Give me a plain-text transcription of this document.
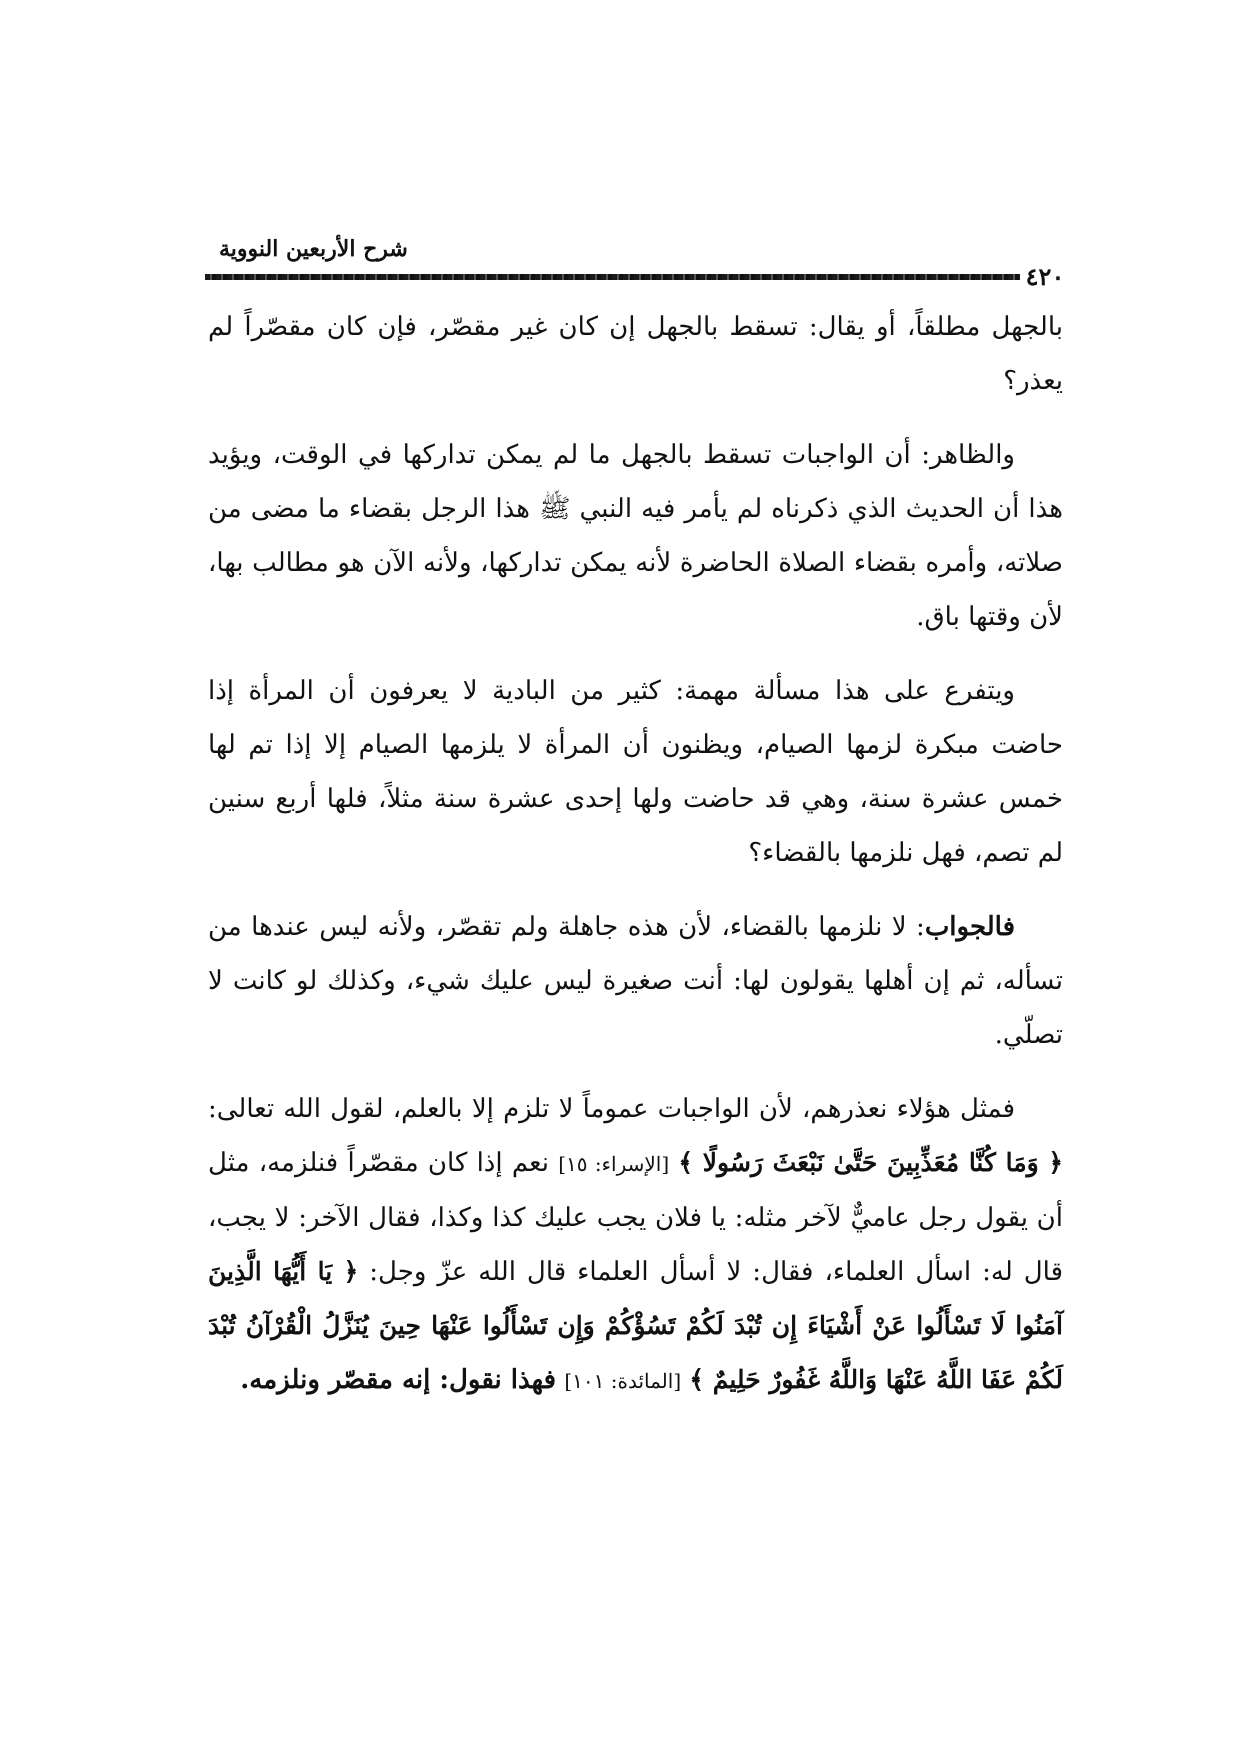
شرح الأربعين النووية
٤٢٠

بالجهل مطلقاً، أو يقال: تسقط بالجهل إن كان غير مقصّر، فإن كان مقصّراً لم يعذر؟

والظاهر: أن الواجبات تسقط بالجهل ما لم يمكن تداركها في الوقت، ويؤيد هذا أن الحديث الذي ذكرناه لم يأمر فيه النبي ﷺ هذا الرجل بقضاء ما مضى من صلاته، وأمره بقضاء الصلاة الحاضرة لأنه يمكن تداركها، ولأنه الآن هو مطالب بها، لأن وقتها باق.

ويتفرع على هذا مسألة مهمة: كثير من البادية لا يعرفون أن المرأة إذا حاضت مبكرة لزمها الصيام، ويظنون أن المرأة لا يلزمها الصيام إلا إذا تم لها خمس عشرة سنة، وهي قد حاضت ولها إحدى عشرة سنة مثلاً، فلها أربع سنين لم تصم، فهل نلزمها بالقضاء؟

فالجواب: لا نلزمها بالقضاء، لأن هذه جاهلة ولم تقصّر، ولأنه ليس عندها من تسأله، ثم إن أهلها يقولون لها: أنت صغيرة ليس عليك شيء، وكذلك لو كانت لا تصلّي.

فمثل هؤلاء نعذرهم، لأن الواجبات عموماً لا تلزم إلا بالعلم، لقول الله تعالى: ﴿ وَمَا كُنَّا مُعَذِّبِينَ حَتَّىٰ نَبْعَثَ رَسُولًا ﴾ [الإسراء: ١٥] نعم إذا كان مقصّراً فنلزمه، مثل أن يقول رجل عاميٌّ لآخر مثله: يا فلان يجب عليك كذا وكذا، فقال الآخر: لا يجب، قال له: اسأل العلماء، فقال: لا أسأل العلماء قال الله عزّ وجل: ﴿ يَا أَيُّهَا الَّذِينَ آمَنُوا لَا تَسْأَلُوا عَنْ أَشْيَاءَ إِن تُبْدَ لَكُمْ تَسُؤْكُمْ وَإِن تَسْأَلُوا عَنْهَا حِينَ يُنَزَّلُ الْقُرْآنُ تُبْدَ لَكُمْ عَفَا اللَّهُ عَنْهَا وَاللَّهُ غَفُورٌ حَلِيمٌ ﴾ [المائدة: ١٠١] فهذا نقول: إنه مقصّر ونلزمه.
